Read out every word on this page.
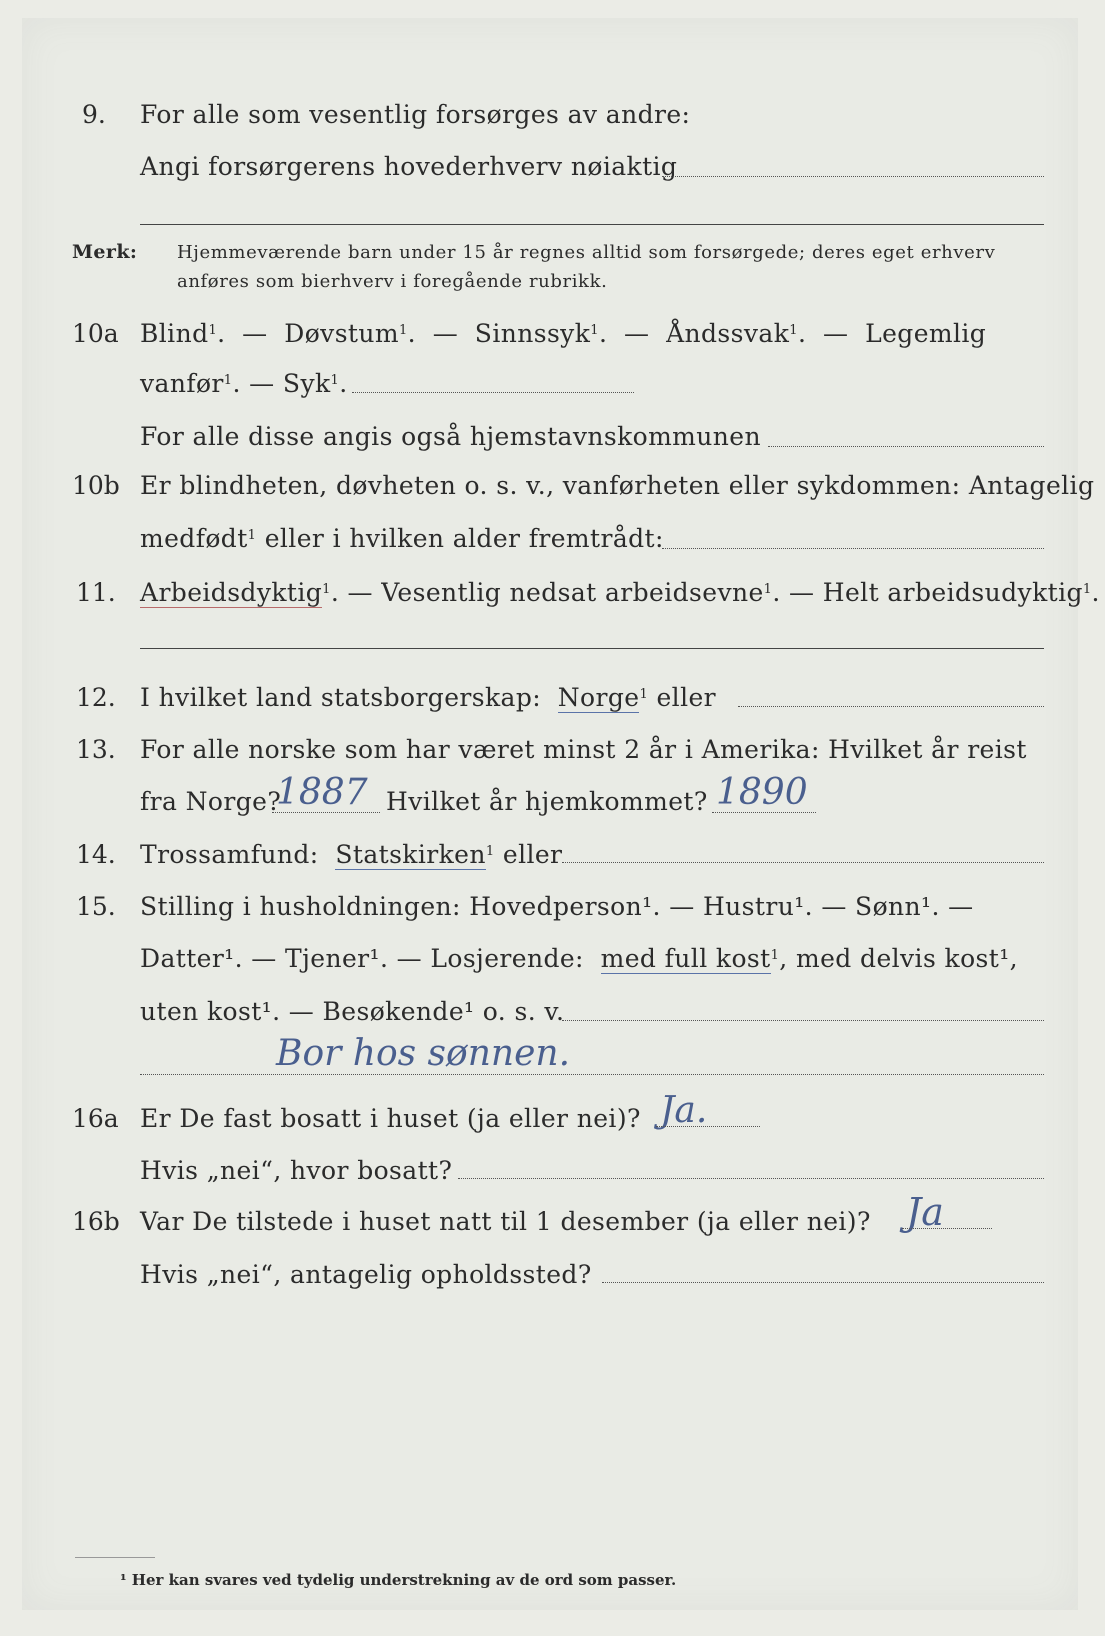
9. For alle som vesentlig forsørges av andre:
Angi forsørgerens hovederhverv nøiaktig
Merk: Hjemmeværende barn under 15 år regnes alltid som forsørgede; deres eget erhverv
anføres som bierhverv i foregående rubrikk.
10a Blind$^1$.  —  Døvstum$^1$.  —  Sinnssyk$^1$.  —  Åndssvak$^1$.  —  Legemlig
vanfør$^1$. — Syk$^1$.
For alle disse angis også hjemstavnskommunen
10b Er blindheten, døvheten o. s. v., vanførheten eller sykdommen: Antagelig
medfødt$^1$ eller i hvilken alder fremtrådt:
11. Arbeidsdyktig$^1$. — Vesentlig nedsat arbeidsevne$^1$. — Helt arbeidsudyktig$^1$.
12. I hvilket land statsborgerskap: Norge$^1$ eller
13. For alle norske som har været minst 2 år i Amerika: Hvilket år reist
fra Norge?
1887 Hvilket år hjemkommet? 1890
14. Trossamfund: Statskirken$^1$ eller
15. Stilling i husholdningen: Hovedperson¹. — Hustru¹. — Sønn¹. —
Datter¹. — Tjener¹. — Losjerende: med full kost$^1$, med delvis kost¹,
uten kost¹. — Besøkende¹ o. s. v.
Bor hos sønnen.
16a Er De fast bosatt i huset (ja eller nei)? Ja.
Hvis „nei“, hvor bosatt?
16b Var De tilstede i huset natt til 1 desember (ja eller nei)? Ja
Hvis „nei“, antagelig opholdssted?
¹ Her kan svares ved tydelig understrekning av de ord som passer.
